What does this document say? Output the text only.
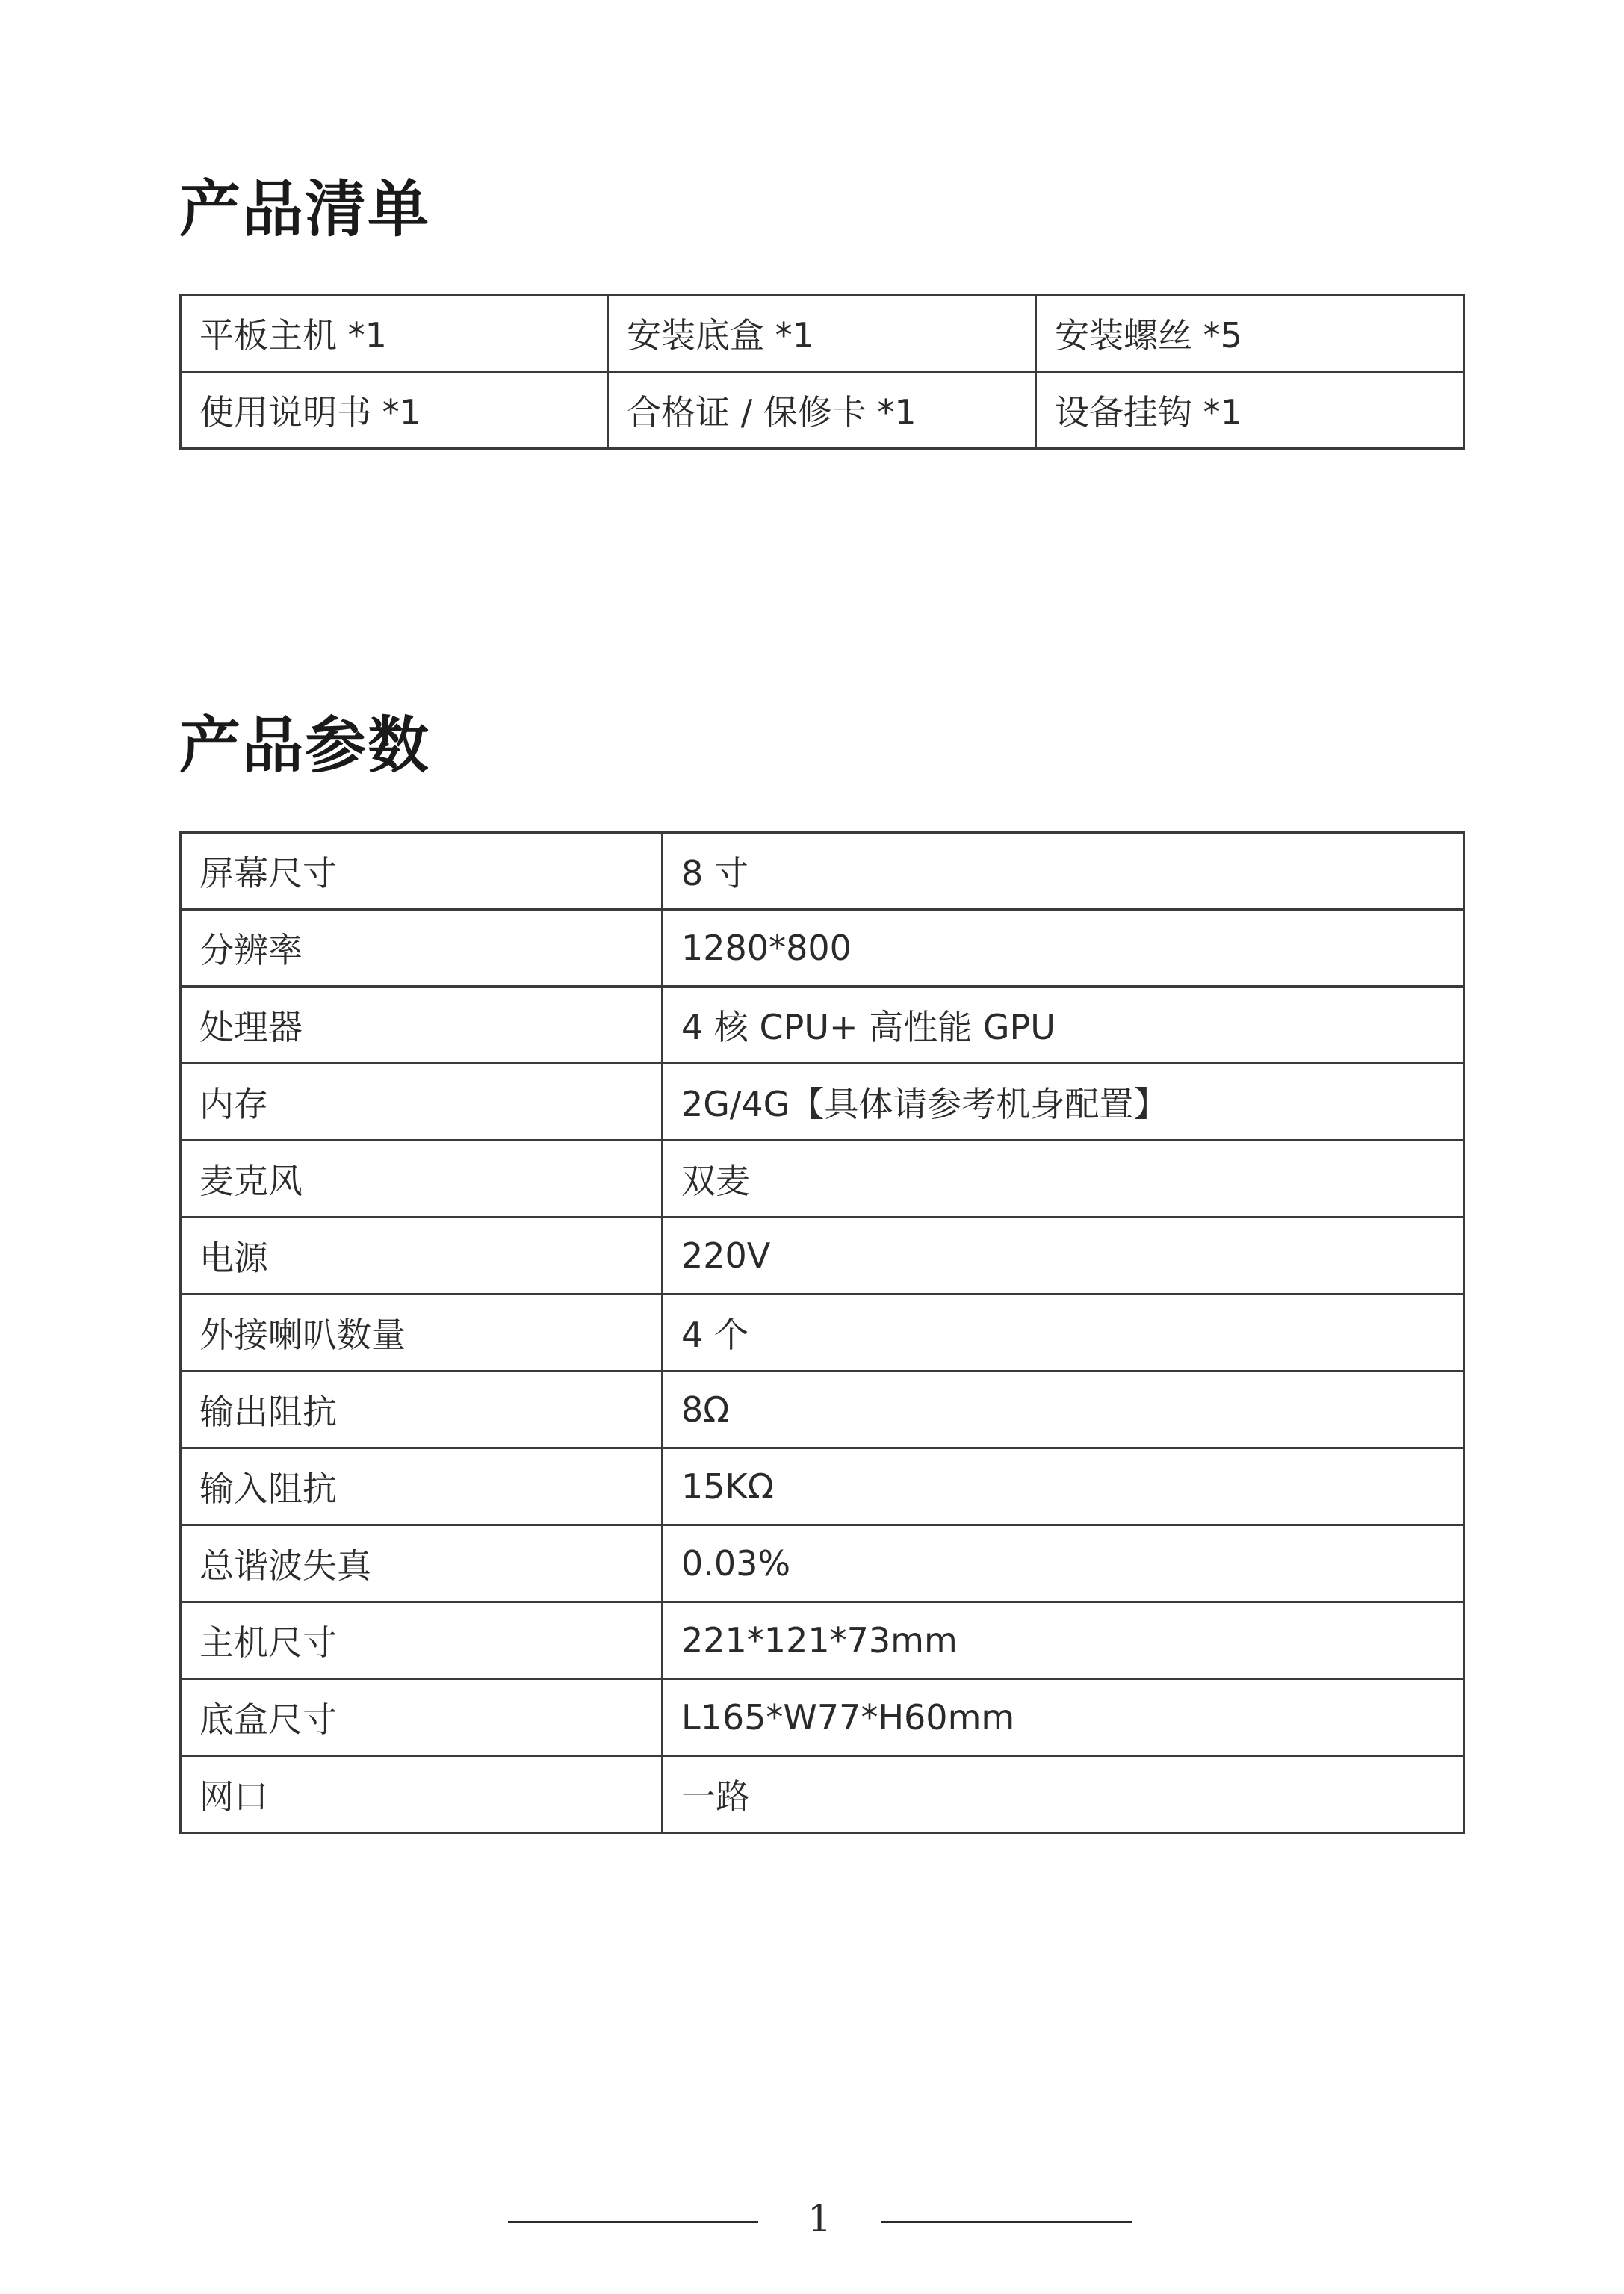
产品清单
平板主机 *1	安装底盒 *1	安装螺丝 *5
使用说明书 *1	合格证 / 保修卡 *1	设备挂钩 *1
产品参数
屏幕尺寸	8 寸
分辨率	1280*800
处理器	4 核 CPU+ 高性能 GPU
内存	2G/4G【具体请参考机身配置】
麦克风	双麦
电源	220V
外接喇叭数量	4 个
输出阻抗	8Ω
输入阻抗	15KΩ
总谐波失真	0.03%
主机尺寸	221*121*73mm
底盒尺寸	L165*W77*H60mm
网口	一路
1
